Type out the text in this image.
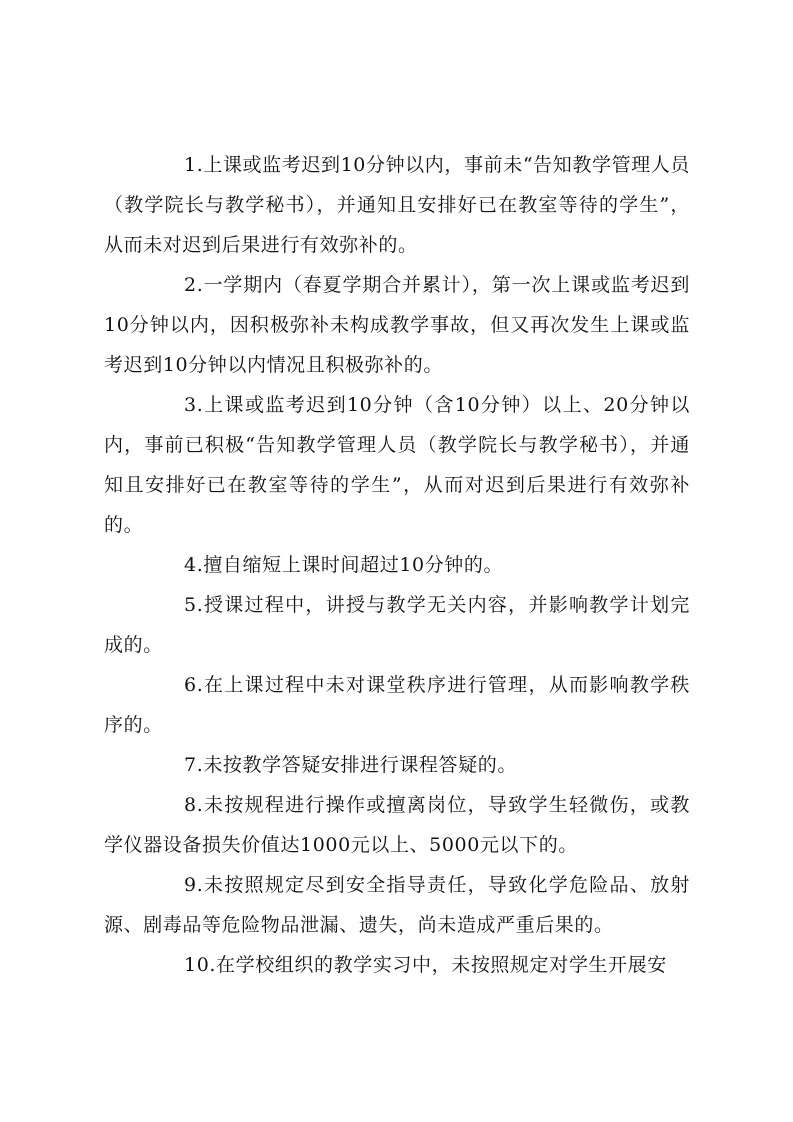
1.上课或监考迟到10分钟以内，事前未“告知教学管理人员（教学院长与教学秘书），并通知且安排好已在教室等待的学生”，从而未对迟到后果进行有效弥补的。

2.一学期内（春夏学期合并累计），第一次上课或监考迟到10分钟以内，因积极弥补未构成教学事故，但又再次发生上课或监考迟到10分钟以内情况且积极弥补的。

3.上课或监考迟到10分钟（含10分钟）以上、20分钟以内，事前已积极“告知教学管理人员（教学院长与教学秘书），并通知且安排好已在教室等待的学生”，从而对迟到后果进行有效弥补的。

4.擅自缩短上课时间超过10分钟的。

5.授课过程中，讲授与教学无关内容，并影响教学计划完成的。

6.在上课过程中未对课堂秩序进行管理，从而影响教学秩序的。

7.未按教学答疑安排进行课程答疑的。

8.未按规程进行操作或擅离岗位，导致学生轻微伤，或教学仪器设备损失价值达1000元以上、5000元以下的。

9.未按照规定尽到安全指导责任，导致化学危险品、放射源、剧毒品等危险物品泄漏、遗失，尚未造成严重后果的。

10.在学校组织的教学实习中，未按照规定对学生开展安
